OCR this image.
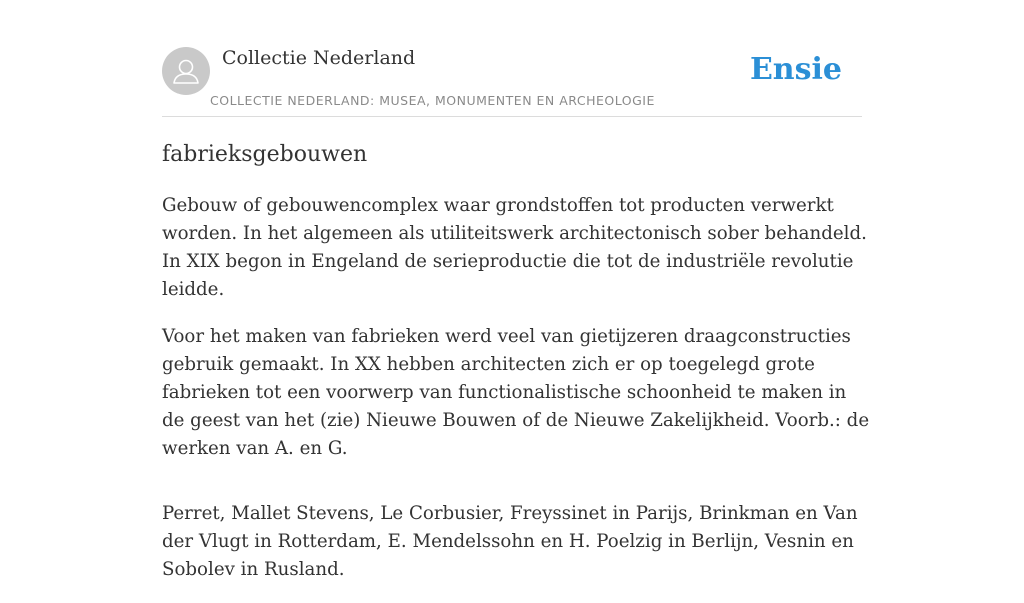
Collectie Nederland
COLLECTIE NEDERLAND: MUSEA, MONUMENTEN EN ARCHEOLOGIE
Ensie
fabrieksgebouwen

Gebouw of gebouwencomplex waar grondstoffen tot producten verwerkt worden. In het algemeen als utiliteitswerk architectonisch sober behandeld. In XIX begon in Engeland de serieproductie die tot de industriële revolutie leidde.

Voor het maken van fabrieken werd veel van gietijzeren draagconstructies gebruik gemaakt. In XX hebben architecten zich er op toegelegd grote fabrieken tot een voorwerp van functionalistische schoonheid te maken in de geest van het (zie) Nieuwe Bouwen of de Nieuwe Zakelijkheid. Voorb.: de werken van A. en G.

Perret, Mallet Stevens, Le Corbusier, Freyssinet in Parijs, Brinkman en Van der Vlugt in Rotterdam, E. Mendelssohn en H. Poelzig in Berlijn, Vesnin en Sobolev in Rusland.
